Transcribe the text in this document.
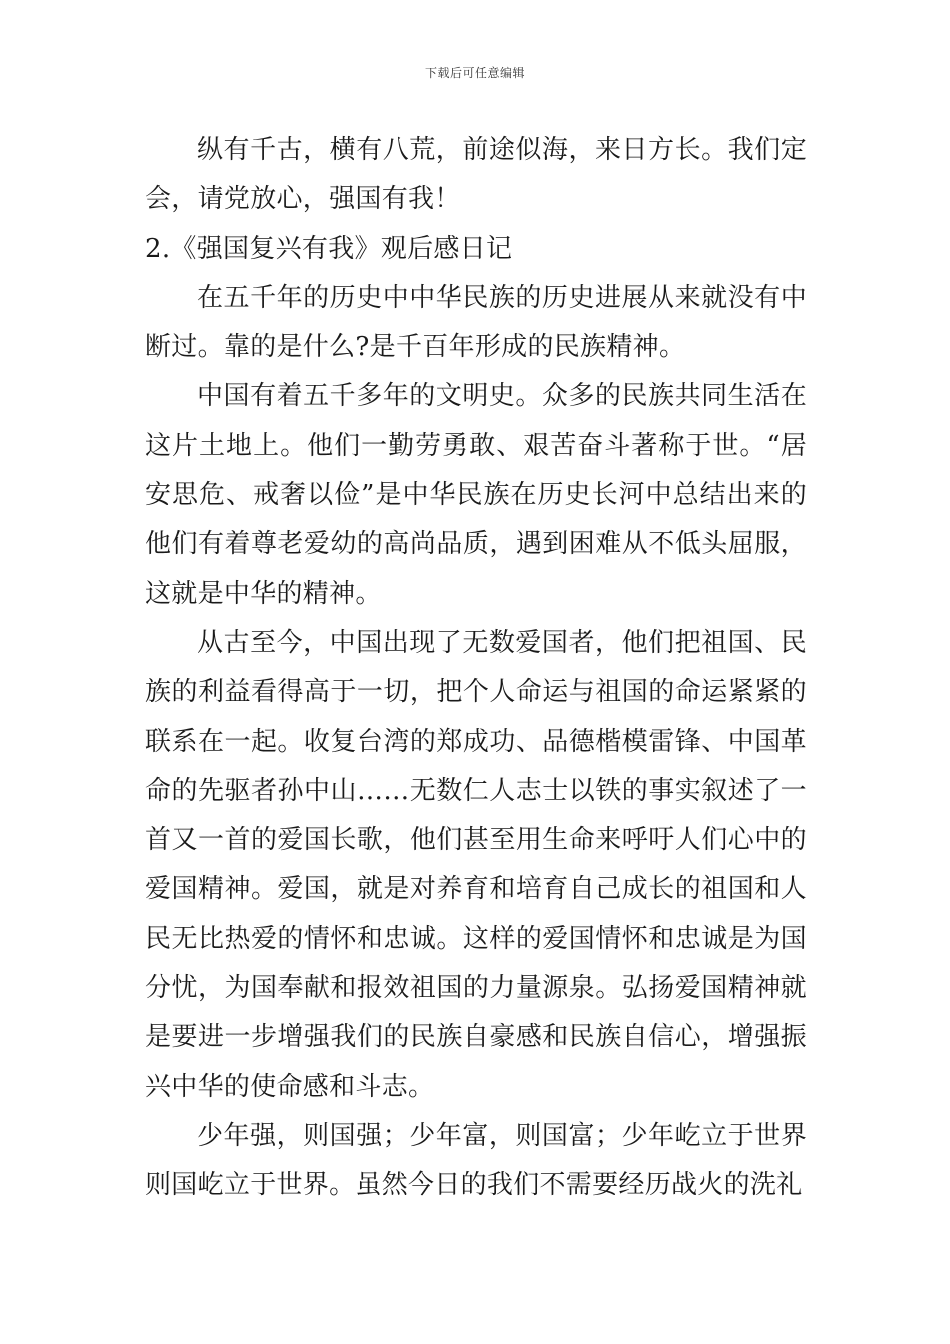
下载后可任意编辑

纵有千古，横有八荒，前途似海，来日方长。我们定会，请党放心，强国有我！

2.《强国复兴有我》观后感日记

在五千年的历史中中华民族的历史进展从来就没有中断过。靠的是什么?是千百年形成的民族精神。

中国有着五千多年的文明史。众多的民族共同生活在这片土地上。他们一勤劳勇敢、艰苦奋斗著称于世。“居安思危、戒奢以俭”是中华民族在历史长河中总结出来的他们有着尊老爱幼的高尚品质，遇到困难从不低头屈服，这就是中华的精神。

从古至今，中国出现了无数爱国者，他们把祖国、民族的利益看得高于一切，把个人命运与祖国的命运紧紧的联系在一起。收复台湾的郑成功、品德楷模雷锋、中国革命的先驱者孙中山……无数仁人志士以铁的事实叙述了一首又一首的爱国长歌，他们甚至用生命来呼吁人们心中的爱国精神。爱国，就是对养育和培育自己成长的祖国和人民无比热爱的情怀和忠诚。这样的爱国情怀和忠诚是为国分忧，为国奉献和报效祖国的力量源泉。弘扬爱国精神就是要进一步增强我们的民族自豪感和民族自信心，增强振兴中华的使命感和斗志。

少年强，则国强；少年富，则国富；少年屹立于世界则国屹立于世界。虽然今日的我们不需要经历战火的洗礼
